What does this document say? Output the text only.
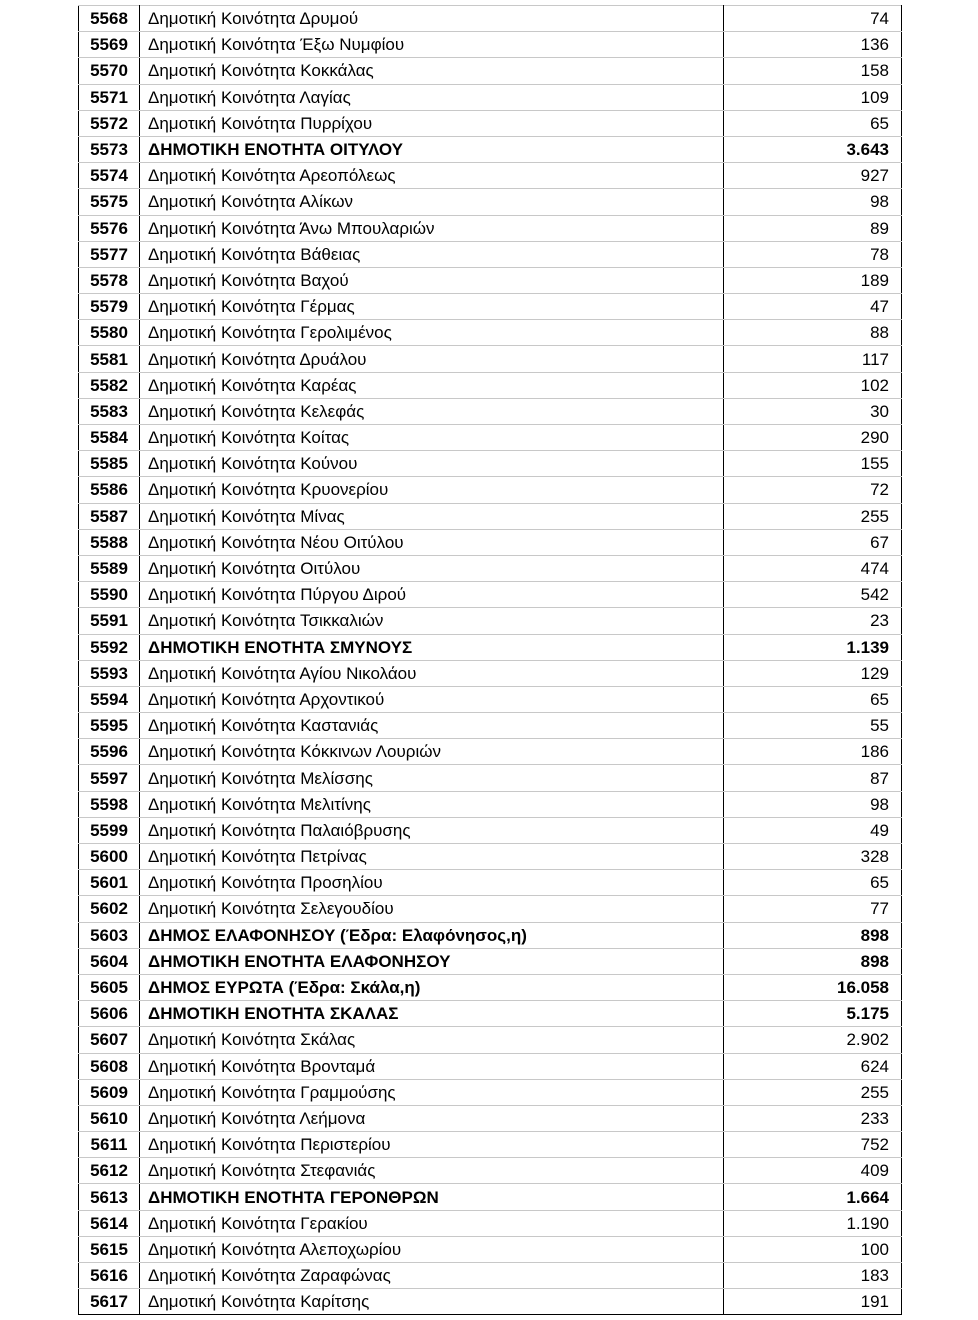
5568	Δημοτική Κοινότητα Δρυμού	74
5569	Δημοτική Κοινότητα Έξω Νυμφίου	136
5570	Δημοτική Κοινότητα Κοκκάλας	158
5571	Δημοτική Κοινότητα Λαγίας	109
5572	Δημοτική Κοινότητα Πυρρίχου	65
5573	ΔΗΜΟΤΙΚΗ ΕΝΟΤΗΤΑ ΟΙΤΥΛΟΥ	3.643
5574	Δημοτική Κοινότητα Αρεοπόλεως	927
5575	Δημοτική Κοινότητα Αλίκων	98
5576	Δημοτική Κοινότητα Άνω Μπουλαριών	89
5577	Δημοτική Κοινότητα Βάθειας	78
5578	Δημοτική Κοινότητα Βαχού	189
5579	Δημοτική Κοινότητα Γέρμας	47
5580	Δημοτική Κοινότητα Γερολιμένος	88
5581	Δημοτική Κοινότητα Δρυάλου	117
5582	Δημοτική Κοινότητα Καρέας	102
5583	Δημοτική Κοινότητα Κελεφάς	30
5584	Δημοτική Κοινότητα Κοίτας	290
5585	Δημοτική Κοινότητα Κούνου	155
5586	Δημοτική Κοινότητα Κρυονερίου	72
5587	Δημοτική Κοινότητα Μίνας	255
5588	Δημοτική Κοινότητα Νέου Οιτύλου	67
5589	Δημοτική Κοινότητα Οιτύλου	474
5590	Δημοτική Κοινότητα Πύργου Διρού	542
5591	Δημοτική Κοινότητα Τσικκαλιών	23
5592	ΔΗΜΟΤΙΚΗ ΕΝΟΤΗΤΑ ΣΜΥΝΟΥΣ	1.139
5593	Δημοτική Κοινότητα Αγίου Νικολάου	129
5594	Δημοτική Κοινότητα Αρχοντικού	65
5595	Δημοτική Κοινότητα Καστανιάς	55
5596	Δημοτική Κοινότητα Κόκκινων Λουριών	186
5597	Δημοτική Κοινότητα Μελίσσης	87
5598	Δημοτική Κοινότητα Μελιτίνης	98
5599	Δημοτική Κοινότητα Παλαιόβρυσης	49
5600	Δημοτική Κοινότητα Πετρίνας	328
5601	Δημοτική Κοινότητα Προσηλίου	65
5602	Δημοτική Κοινότητα Σελεγουδίου	77
5603	ΔΗΜΟΣ ΕΛΑΦΟΝΗΣΟΥ (Έδρα: Ελαφόνησος,η)	898
5604	ΔΗΜΟΤΙΚΗ ΕΝΟΤΗΤΑ ΕΛΑΦΟΝΗΣΟΥ	898
5605	ΔΗΜΟΣ ΕΥΡΩΤΑ (Έδρα: Σκάλα,η)	16.058
5606	ΔΗΜΟΤΙΚΗ ΕΝΟΤΗΤΑ ΣΚΑΛΑΣ	5.175
5607	Δημοτική Κοινότητα Σκάλας	2.902
5608	Δημοτική Κοινότητα Βρονταμά	624
5609	Δημοτική Κοινότητα Γραμμούσης	255
5610	Δημοτική Κοινότητα Λεήμονα	233
5611	Δημοτική Κοινότητα Περιστερίου	752
5612	Δημοτική Κοινότητα Στεφανιάς	409
5613	ΔΗΜΟΤΙΚΗ ΕΝΟΤΗΤΑ ΓΕΡΟΝΘΡΩΝ	1.664
5614	Δημοτική Κοινότητα Γερακίου	1.190
5615	Δημοτική Κοινότητα Αλεποχωρίου	100
5616	Δημοτική Κοινότητα Ζαραφώνας	183
5617	Δημοτική Κοινότητα Καρίτσης	191
